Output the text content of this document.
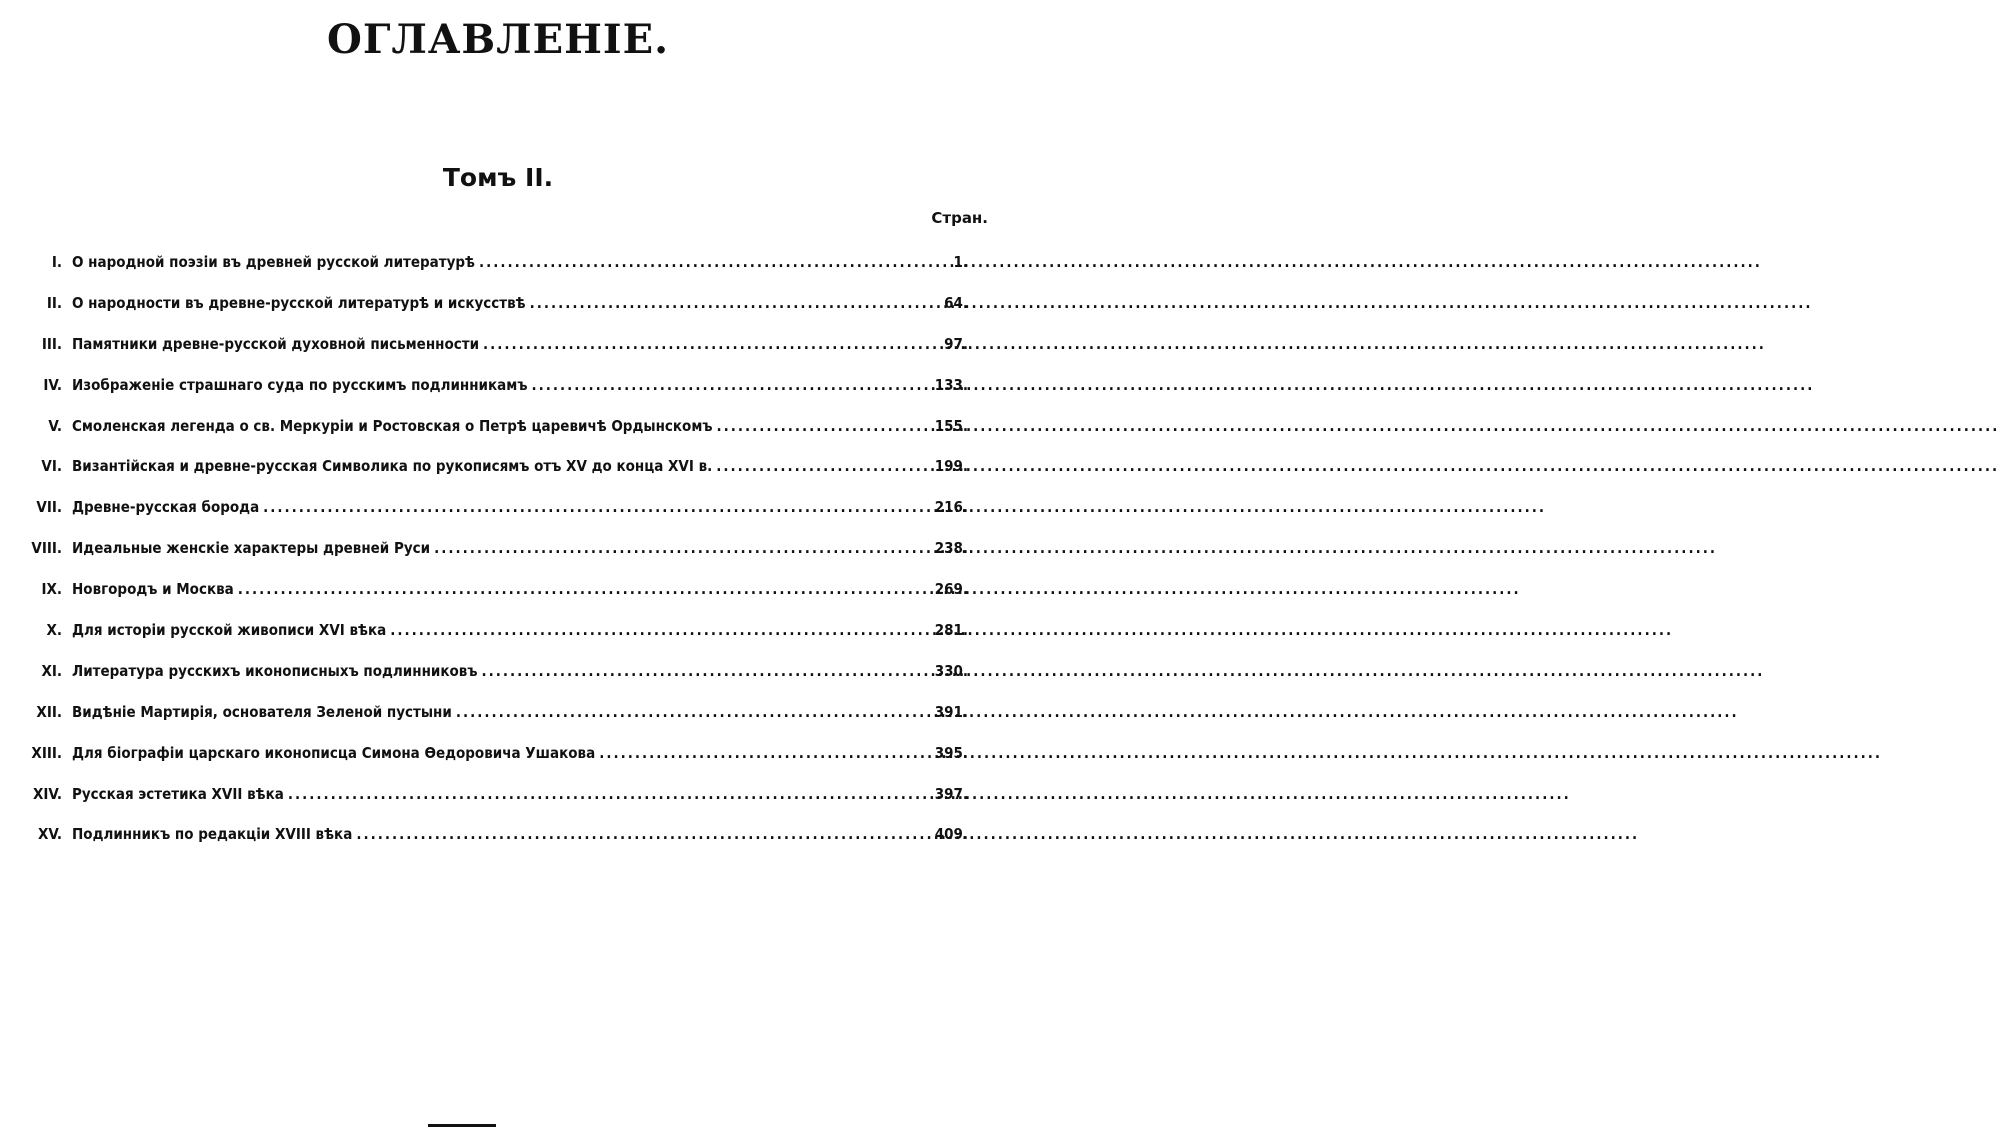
ОГЛАВЛЕНIЕ.
Томъ II.
Стран.
I. О народной поэзіи въ древней русской литературѣ .....	1.
II. О народности въ древне-русской литературѣ и искусствѣ .....	64.
III. Памятники древне-русской духовной письменности .....	97.
IV. Изображеніе страшнаго суда по русскимъ подлинникамъ .....	133.
V. Смоленская легенда о св. Меркуріи и Ростовская о Петрѣ царевичѣ Ордынскомъ .....	155.
VI. Византійская и древне-русская Символика по рукописямъ отъ XV до конца XVI в. .....	199.
VII. Древне-русская борода .....	216.
VIII. Идеальные женскіе характеры древней Руси .....	238.
IX. Новгородъ и Москва .....	269.
X. Для исторіи русской живописи XVI вѣка .....	281.
XI. Литература русскихъ иконописныхъ подлинниковъ .....	330.
XII. Видѣніе Мартирія, основателя Зеленой пустыни .....	391.
XIII. Для біографіи царскаго иконописца Симона Ѳедоровича Ушакова .....	395.
XIV. Русская эстетика XVII вѣка .....	397.
XV. Подлинникъ по редакціи XVIII вѣка .....	409.
